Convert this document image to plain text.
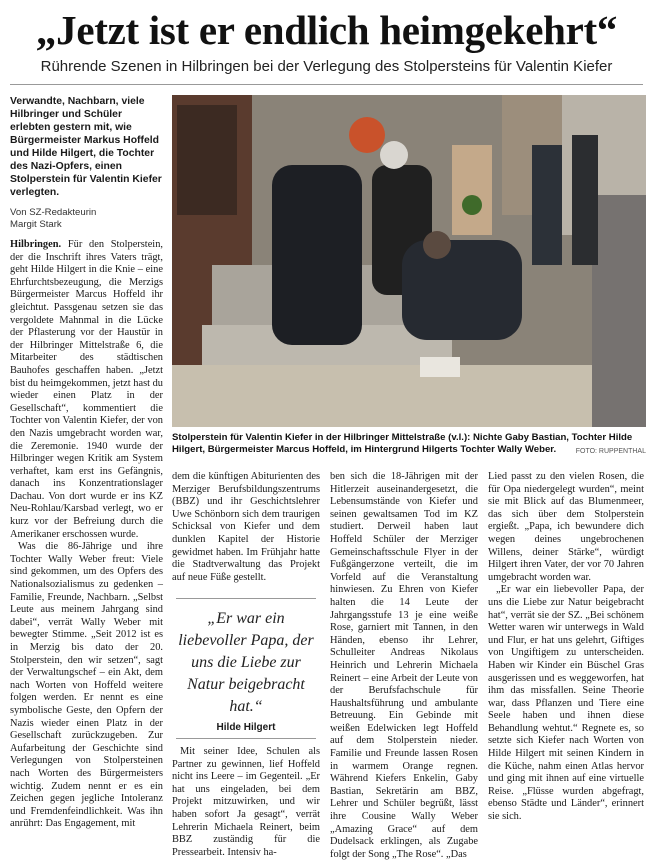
„Jetzt ist er endlich heimgekehrt“
Rührende Szenen in Hilbringen bei der Verlegung des Stolpersteins für Valentin Kiefer
Verwandte, Nachbarn, viele Hilbringer und Schüler erlebten gestern mit, wie Bürgermeister Markus Hoffeld und Hilde Hilgert, die Tochter des Nazi-Opfers, einen Stolperstein für Valentin Kiefer verlegten.
Von SZ-Redakteurin
Margit Stark

Hilbringen. Für den Stolperstein, der die Inschrift ihres Vaters trägt, geht Hilde Hilgert in die Knie – eine Ehrfurchtsbezeugung, die Merzigs Bürgermeister Marcus Hoffeld ihr gleichtut. Passgenau setzen sie das vergoldete Mahnmal in die Lücke der Pflasterung vor der Haustür in der Hilbringer Mittelstraße 6, die Mitarbeiter des städtischen Bauhofes geschaffen haben. „Jetzt bist du heimgekommen, jetzt hast du wieder einen Platz in der Gesellschaft“, kommentiert die Tochter von Valentin Kiefer, der von den Nazis umgebracht worden war, die Zeremonie. 1940 wurde der Hilbringer wegen Kritik am System verhaftet, kam erst ins Gefängnis, danach ins Konzentrationslager Dachau. Von dort wurde er ins KZ Neu-Rohlau/Karsbad verlegt, wo er kurz vor der Befreiung durch die Amerikaner erschossen wurde.

Was die 86-Jährige und ihre Tochter Wally Weber freut: Viele sind gekommen, um des Opfers des Nationalsozialismus zu gedenken – Familie, Freunde, Nachbarn. „Selbst Leute aus meinem Jahrgang sind dabei“, verrät Wally Weber mit bewegter Stimme. „Seit 2012 ist es in Merzig bis dato der 20. Stolperstein, den wir setzen“, sagt der Verwaltungschef – ein Akt, dem nach Worten von Hoffeld weitere folgen werden. Er nennt es eine symbolische Geste, den Opfern der Nazis wieder einen Platz in der Gesellschaft zurückzugeben. Zur Aufarbeitung der Geschichte sind Verlegungen von Stolpersteinen nach Worten des Bürgermeisters wichtig. Zudem nennt er es ein Zeichen gegen jegliche Intoleranz und Fremdenfeindlichkeit. Was ihn anrührt: Das Engagement, mit

Stolperstein für Valentin Kiefer in der Hilbringer Mittelstraße (v.l.): Nichte Gaby Bastian, Tochter Hilde Hilgert, Bürgermeister Marcus Hoffeld, im Hintergrund Hilgerts Tochter Wally Weber.	FOTO: RUPPENTHAL

dem die künftigen Abiturienten des Merziger Berufsbildungszentrums (BBZ) und ihr Geschichtslehrer Uwe Schönborn sich dem traurigen Schicksal von Kiefer und dem dunklen Kapitel der Historie gewidmet haben. Im Frühjahr hatte die Stadtverwaltung das Projekt auf neue Füße gestellt.

„Er war ein liebevoller Papa, der uns die Liebe zur Natur beigebracht hat.“
Hilde Hilgert

Mit seiner Idee, Schulen als Partner zu gewinnen, lief Hoffeld nicht ins Leere – im Gegenteil. „Er hat uns eingeladen, bei dem Projekt mitzuwirken, und wir haben sofort Ja gesagt“, verrät Lehrerin Michaela Reinert, beim BBZ zuständig für die Pressearbeit. Intensiv ha-

ben sich die 18-Jährigen mit der Hitlerzeit auseinandergesetzt, die Lebensumstände von Kiefer und seinen gewaltsamen Tod im KZ studiert. Derweil haben laut Hoffeld Schüler der Merziger Gemeinschaftsschule Flyer in der Fußgängerzone verteilt, die im Vorfeld auf die Veranstaltung hinwiesen. Zu Ehren von Kiefer halten die 14 Leute der Jahrgangsstufe 13 je eine weiße Rose, garniert mit Tannen, in den Händen, ebenso ihr Lehrer, Schulleiter Andreas Nikolaus Heinrich und Lehrerin Michaela Reinert – eine Arbeit der Leute von der Berufsfachschule für Haushaltsführung und ambulante Betreuung. Ein Gebinde mit weißen Edelwicken legt Hoffeld auf dem Stolperstein nieder. Familie und Freunde lassen Rosen in warmem Orange regnen. Während Kiefers Enkelin, Gaby Bastian, Sekretärin am BBZ, Lehrer und Schüler begrüßt, lässt ihre Cousine Wally Weber „Amazing Grace“ auf dem Dudelsack erklingen, als Zugabe folgt der Song „The Rose“. „Das

Lied passt zu den vielen Rosen, die für Opa niedergelegt wurden“, meint sie mit Blick auf das Blumenmeer, das sich über dem Stolperstein ergießt. „Papa, ich bewundere dich wegen deines ungebrochenen Willens, deiner Stärke“, würdigt Hilgert ihren Vater, der vor 70 Jahren umgebracht worden war.

„Er war ein liebevoller Papa, der uns die Liebe zur Natur beigebracht hat“, verrät sie der SZ. „Bei schönem Wetter waren wir unterwegs in Wald und Flur, er hat uns gelehrt, Giftiges von Ungiftigem zu unterscheiden. Haben wir Kinder ein Büschel Gras ausgerissen und es weggeworfen, hat ihm das missfallen. Seine Theorie war, dass Pflanzen und Tiere eine Seele haben und ihnen diese Behandlung wehtut.“ Regnete es, so setzte sich Kiefer nach Worten von Hilde Hilgert mit seinen Kindern in die Küche, nahm einen Atlas hervor und ging mit ihnen auf eine virtuelle Reise. „Flüsse wurden abgefragt, ebenso Städte und Länder“, erinnert sie sich.
